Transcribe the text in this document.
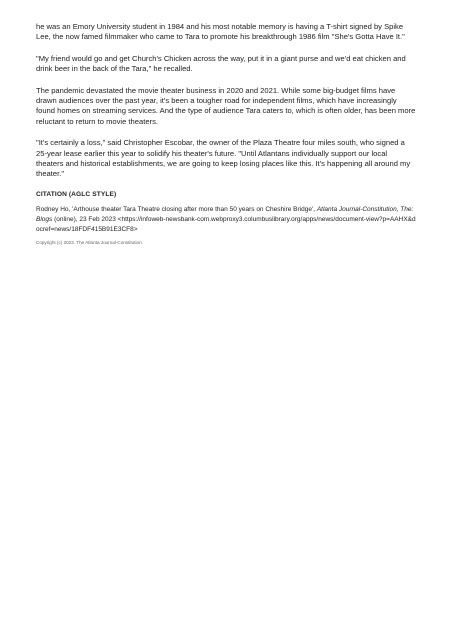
he was an Emory University student in 1984 and his most notable memory is having a T-shirt signed by Spike Lee, the now famed filmmaker who came to Tara to promote his breakthrough 1986 film "She's Gotta Have It."

"My friend would go and get Church's Chicken across the way, put it in a giant purse and we'd eat chicken and drink beer in the back of the Tara," he recalled.

The pandemic devastated the movie theater business in 2020 and 2021. While some big-budget films have drawn audiences over the past year, it's been a tougher road for independent films, which have increasingly found homes on streaming services. And the type of audience Tara caters to, which is often older, has been more reluctant to return to movie theaters.

"It's certainly a loss," said Christopher Escobar, the owner of the Plaza Theatre four miles south, who signed a 25-year lease earlier this year to solidify his theater's future. "Until Atlantans individually support our local theaters and historical establishments, we are going to keep losing places like this. It's happening all around my theater."

CITATION (AGLC STYLE)

Rodney Ho, 'Arthouse theater Tara Theatre closing after more than 50 years on Cheshire Bridge', Atlanta Journal-Constitution, The: Blogs (online), 23 Feb 2023 <https://infoweb-newsbank-com.webproxy3.columbuslibrary.org/apps/news/document-view?p=AAHX&docref=news/18FDF415B91E3CF8>

Copyright (c) 2023. The Atlanta Journal-Constitution.
